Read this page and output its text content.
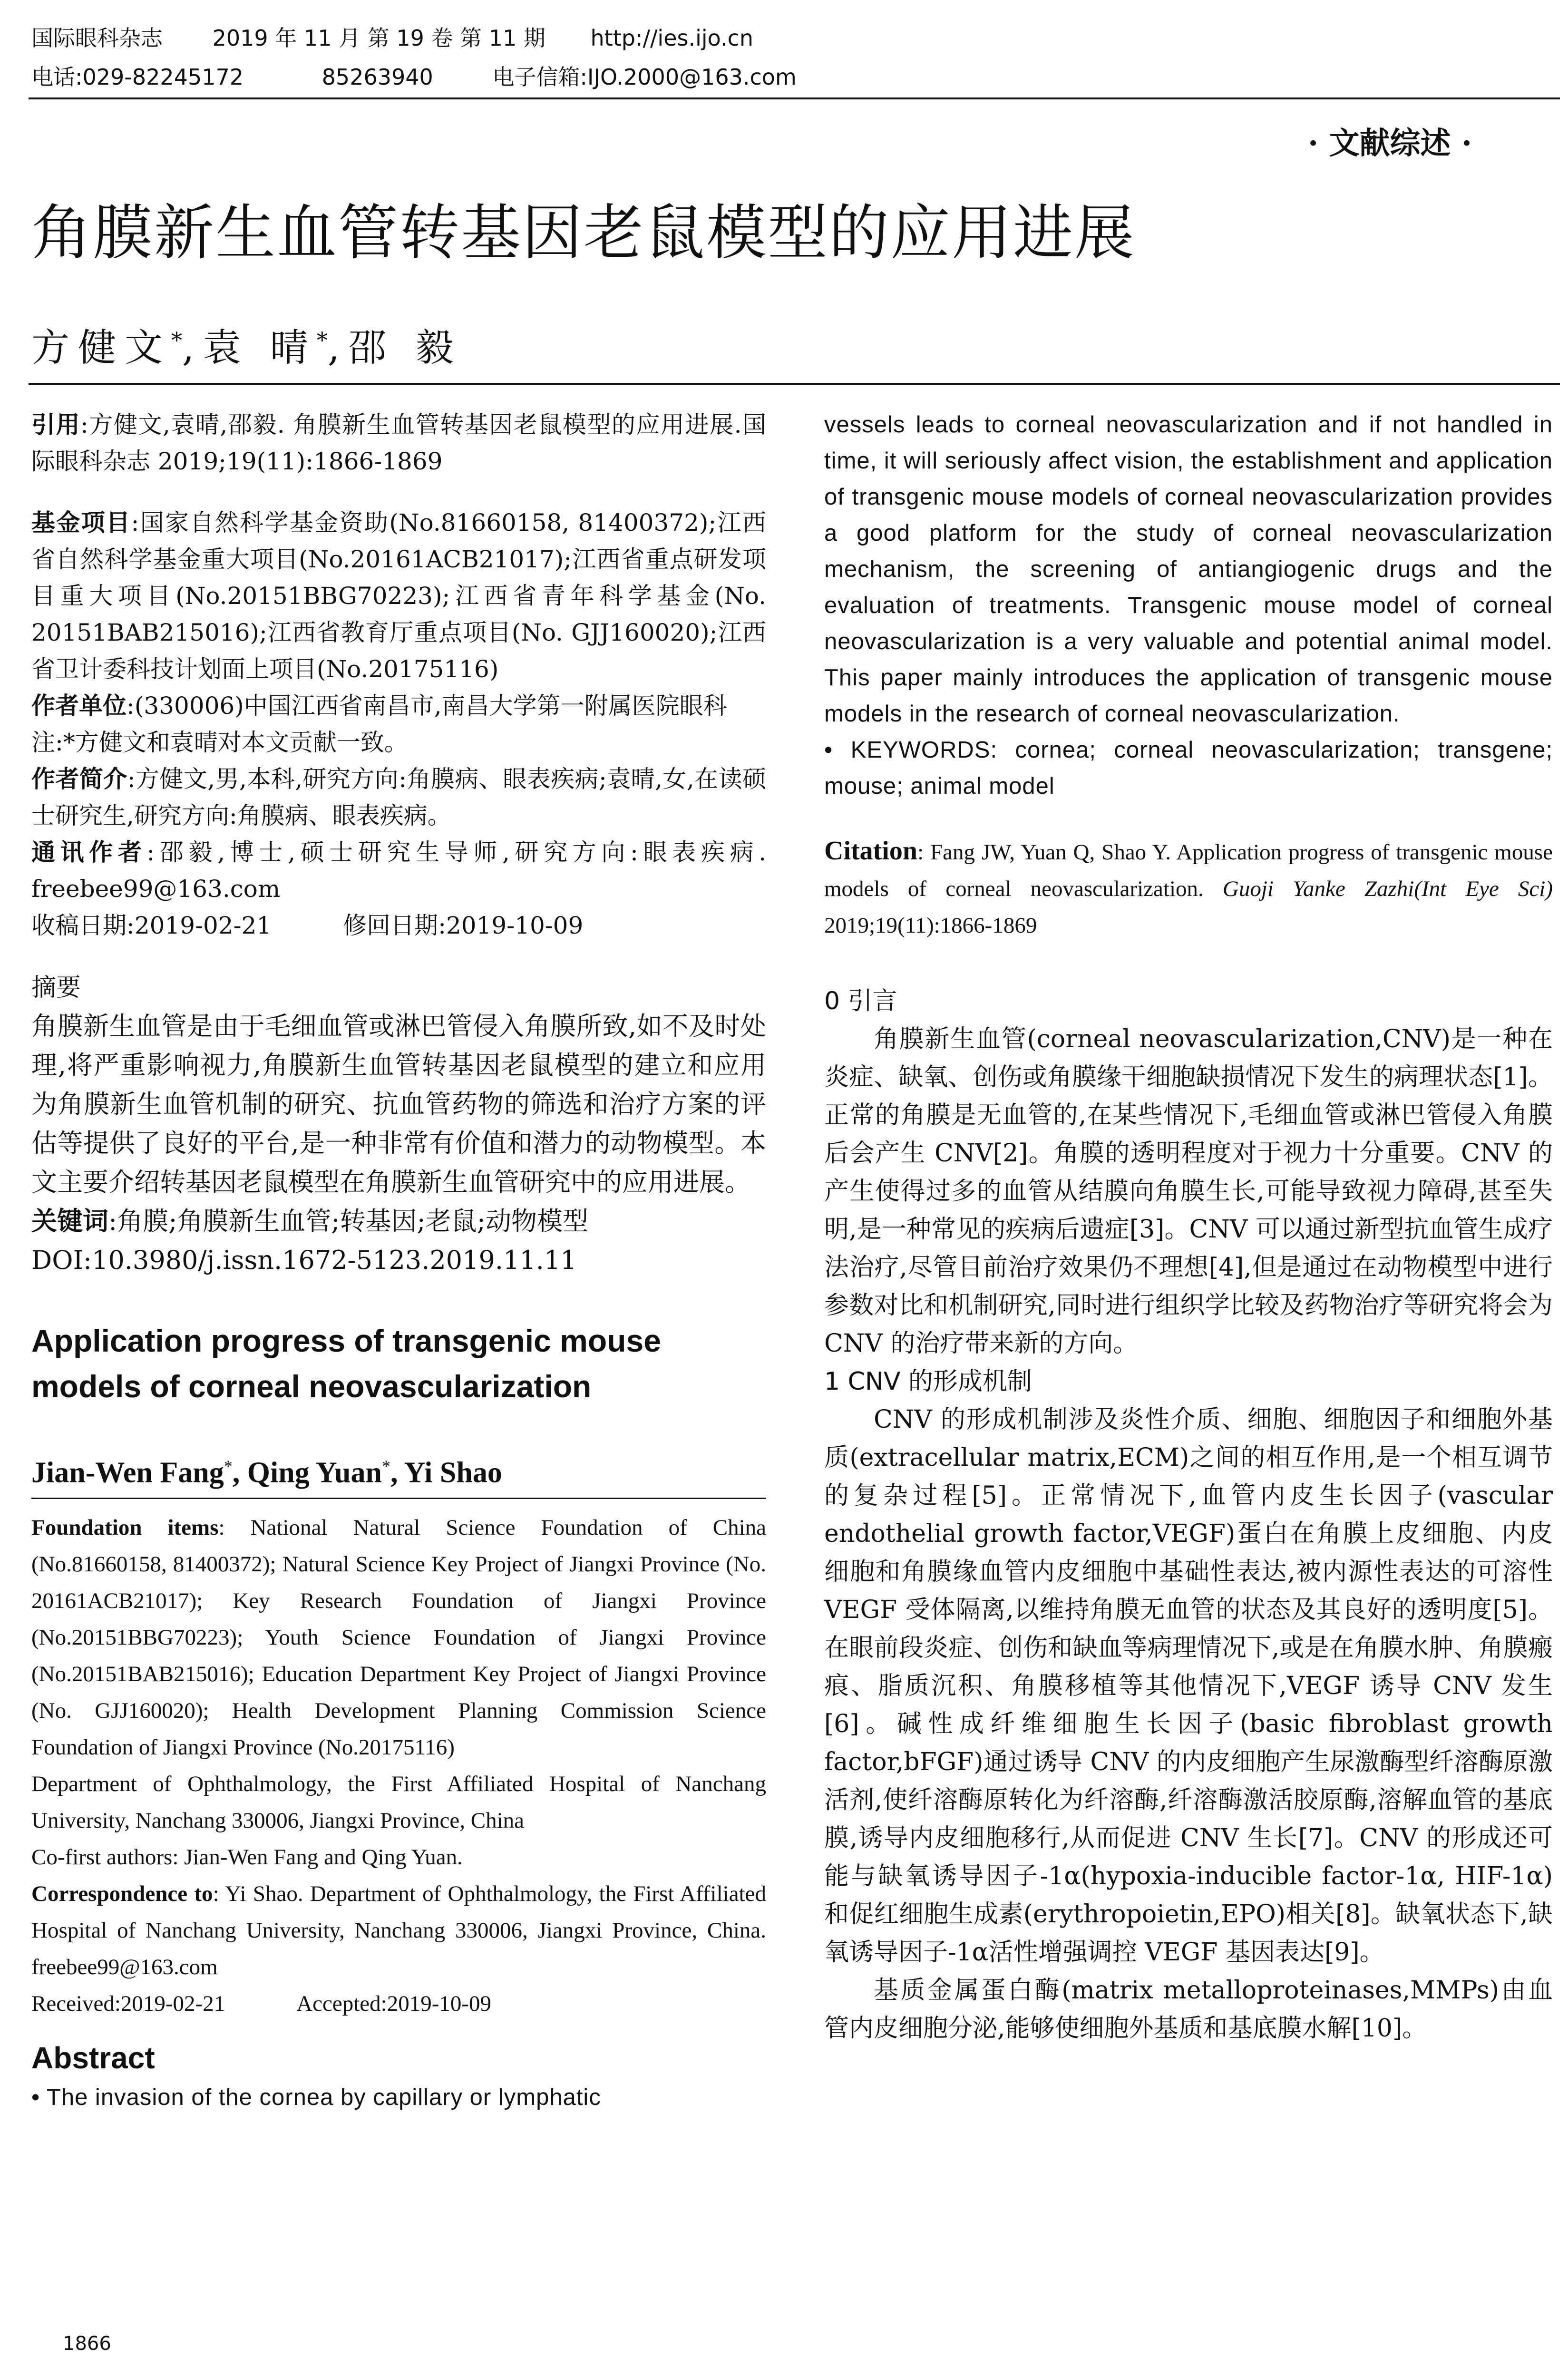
国际眼科杂志 2019 年 11 月 第 19 卷 第 11 期 http://ies.ijo.cn
电话:029-82245172	85263940	电子信箱:IJO.2000@163.com
· 文献综述 ·
角膜新生血管转基因老鼠模型的应用进展
方健文*,袁 晴*,邵 毅

引用:方健文,袁晴,邵毅. 角膜新生血管转基因老鼠模型的应用进展.国际眼科杂志 2019;19(11):1866-1869

基金项目:国家自然科学基金资助(No.81660158, 81400372);江西省自然科学基金重大项目(No.20161ACB21017);江西省重点研发项目重大项目(No.20151BBG70223);江西省青年科学基金(No. 20151BAB215016);江西省教育厅重点项目(No. GJJ160020);江西省卫计委科技计划面上项目(No.20175116)

作者单位:(330006)中国江西省南昌市,南昌大学第一附属医院眼科

注:*方健文和袁晴对本文贡献一致。

作者简介:方健文,男,本科,研究方向:角膜病、眼表疾病;袁晴,女,在读硕士研究生,研究方向:角膜病、眼表疾病。

通讯作者:邵毅,博士,硕士研究生导师,研究方向:眼表疾病. freebee99@163.com

收稿日期:2019-02-21	修回日期:2019-10-09

摘要

角膜新生血管是由于毛细血管或淋巴管侵入角膜所致,如不及时处理,将严重影响视力,角膜新生血管转基因老鼠模型的建立和应用为角膜新生血管机制的研究、抗血管药物的筛选和治疗方案的评估等提供了良好的平台,是一种非常有价值和潜力的动物模型。本文主要介绍转基因老鼠模型在角膜新生血管研究中的应用进展。

关键词:角膜;角膜新生血管;转基因;老鼠;动物模型

DOI:10.3980/j.issn.1672-5123.2019.11.11

Application progress of transgenic mouse models of corneal neovascularization

Jian-Wen Fang*, Qing Yuan*, Yi Shao

Foundation items: National Natural Science Foundation of China (No.81660158, 81400372); Natural Science Key Project of Jiangxi Province (No. 20161ACB21017); Key Research Foundation of Jiangxi Province (No.20151BBG70223); Youth Science Foundation of Jiangxi Province (No.20151BAB215016); Education Department Key Project of Jiangxi Province (No. GJJ160020); Health Development Planning Commission Science Foundation of Jiangxi Province (No.20175116)

Department of Ophthalmology, the First Affiliated Hospital of Nanchang University, Nanchang 330006, Jiangxi Province, China

Co-first authors: Jian-Wen Fang and Qing Yuan.

Correspondence to: Yi Shao. Department of Ophthalmology, the First Affiliated Hospital of Nanchang University, Nanchang 330006, Jiangxi Province, China. freebee99@163.com

Received:2019-02-21	Accepted:2019-10-09

Abstract

• The invasion of the cornea by capillary or lymphatic

vessels leads to corneal neovascularization and if not handled in time, it will seriously affect vision, the establishment and application of transgenic mouse models of corneal neovascularization provides a good platform for the study of corneal neovascularization mechanism, the screening of antiangiogenic drugs and the evaluation of treatments. Transgenic mouse model of corneal neovascularization is a very valuable and potential animal model. This paper mainly introduces the application of transgenic mouse models in the research of corneal neovascularization.

• KEYWORDS: cornea; corneal neovascularization; transgene; mouse; animal model

Citation: Fang JW, Yuan Q, Shao Y. Application progress of transgenic mouse models of corneal neovascularization. Guoji Yanke Zazhi(Int Eye Sci) 2019;19(11):1866-1869

0 引言

角膜新生血管(corneal neovascularization,CNV)是一种在炎症、缺氧、创伤或角膜缘干细胞缺损情况下发生的病理状态[1]。正常的角膜是无血管的,在某些情况下,毛细血管或淋巴管侵入角膜后会产生 CNV[2]。角膜的透明程度对于视力十分重要。CNV 的产生使得过多的血管从结膜向角膜生长,可能导致视力障碍,甚至失明,是一种常见的疾病后遗症[3]。CNV 可以通过新型抗血管生成疗法治疗,尽管目前治疗效果仍不理想[4],但是通过在动物模型中进行参数对比和机制研究,同时进行组织学比较及药物治疗等研究将会为 CNV 的治疗带来新的方向。

1 CNV 的形成机制

CNV 的形成机制涉及炎性介质、细胞、细胞因子和细胞外基质(extracellular matrix,ECM)之间的相互作用,是一个相互调节的复杂过程[5]。正常情况下,血管内皮生长因子(vascular endothelial growth factor,VEGF)蛋白在角膜上皮细胞、内皮细胞和角膜缘血管内皮细胞中基础性表达,被内源性表达的可溶性 VEGF 受体隔离,以维持角膜无血管的状态及其良好的透明度[5]。在眼前段炎症、创伤和缺血等病理情况下,或是在角膜水肿、角膜瘢痕、脂质沉积、角膜移植等其他情况下,VEGF 诱导 CNV 发生[6]。碱性成纤维细胞生长因子(basic fibroblast growth factor,bFGF)通过诱导 CNV 的内皮细胞产生尿激酶型纤溶酶原激活剂,使纤溶酶原转化为纤溶酶,纤溶酶激活胶原酶,溶解血管的基底膜,诱导内皮细胞移行,从而促进 CNV 生长[7]。CNV 的形成还可能与缺氧诱导因子-1α(hypoxia-inducible factor-1α, HIF-1α)和促红细胞生成素(erythropoietin,EPO)相关[8]。缺氧状态下,缺氧诱导因子-1α活性增强调控 VEGF 基因表达[9]。

基质金属蛋白酶(matrix metalloproteinases,MMPs)由血管内皮细胞分泌,能够使细胞外基质和基底膜水解[10]。

1866
